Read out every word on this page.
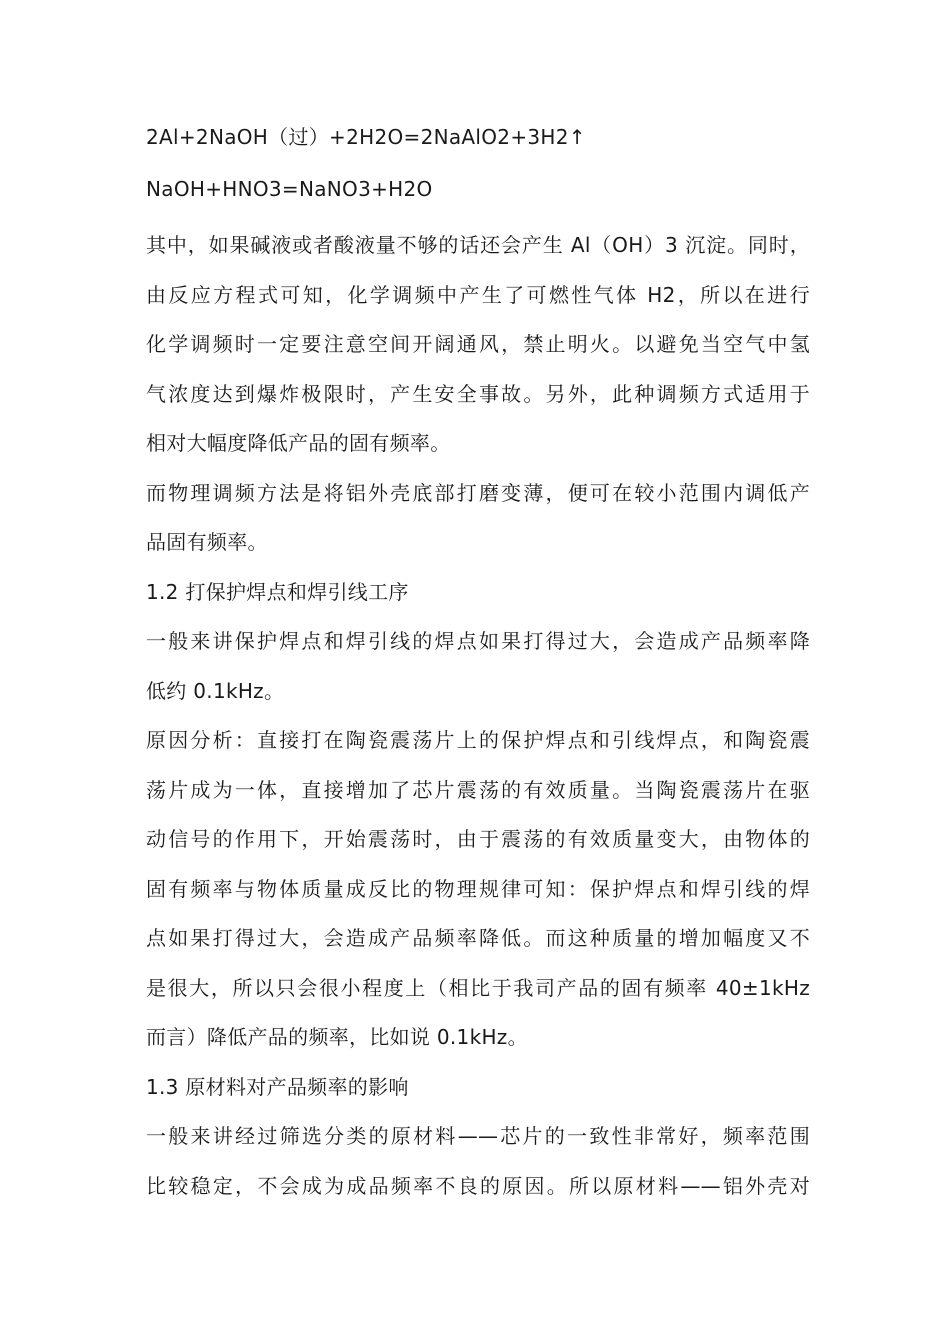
2Al+2NaOH（过）+2H2O=2NaAlO2+3H2↑
NaOH+HNO3=NaNO3+H2O
其中，如果碱液或者酸液量不够的话还会产生 Al（OH）3 沉淀。同时，
由反应方程式可知，化学调频中产生了可燃性气体 H2，所以在进行
化学调频时一定要注意空间开阔通风，禁止明火。以避免当空气中氢
气浓度达到爆炸极限时，产生安全事故。另外，此种调频方式适用于
相对大幅度降低产品的固有频率。
而物理调频方法是将铝外壳底部打磨变薄，便可在较小范围内调低产
品固有频率。
1.2 打保护焊点和焊引线工序
一般来讲保护焊点和焊引线的焊点如果打得过大，会造成产品频率降
低约 0.1kHz。
原因分析：直接打在陶瓷震荡片上的保护焊点和引线焊点，和陶瓷震
荡片成为一体，直接增加了芯片震荡的有效质量。当陶瓷震荡片在驱
动信号的作用下，开始震荡时，由于震荡的有效质量变大，由物体的
固有频率与物体质量成反比的物理规律可知：保护焊点和焊引线的焊
点如果打得过大，会造成产品频率降低。而这种质量的增加幅度又不
是很大，所以只会很小程度上（相比于我司产品的固有频率 40±1kHz
而言）降低产品的频率，比如说 0.1kHz。
1.3 原材料对产品频率的影响
一般来讲经过筛选分类的原材料——芯片的一致性非常好，频率范围
比较稳定，不会成为成品频率不良的原因。所以原材料——铝外壳对
